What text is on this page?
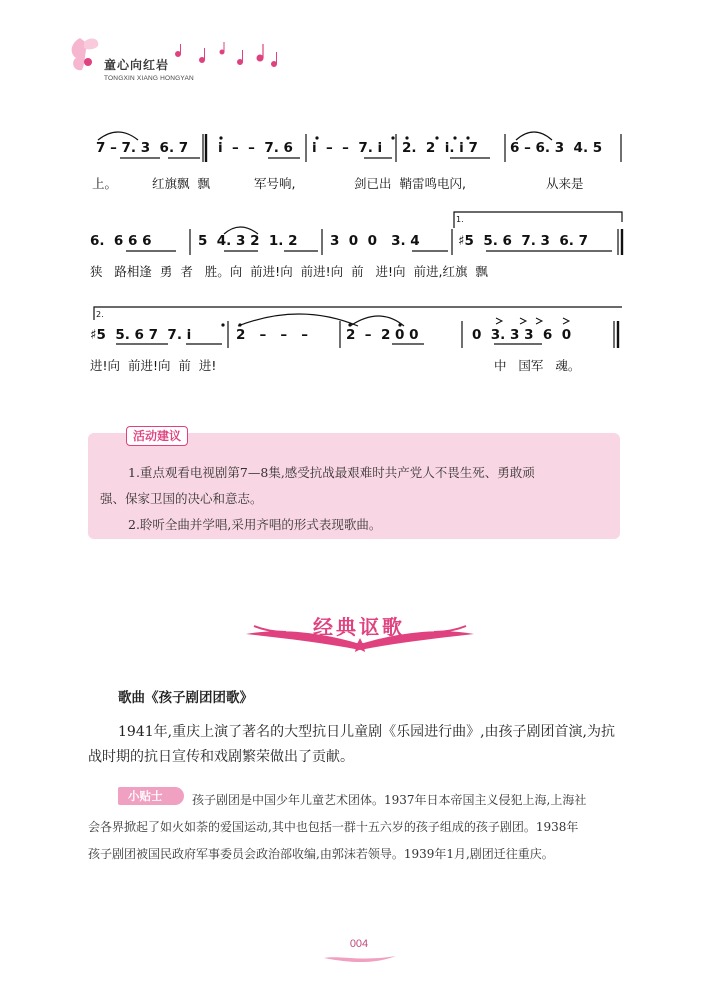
童心向红岩
TONGXIN XIANG HONGYAN
1.
2.
7 – 7. 3  6. 7 i  –  –  7. 6 i  –  –  7. i 2.  2  i. i 7 6 – 6. 3  4. 5
上。	红旗飘  飘	军号响,	剑已出  鞘雷鸣电闪,	从来是
6.  6 6 6	5  4. 3 2  1. 2 3  0  0   3. 4	♯5  5. 6  7. 3  6. 7
狭   路相逢  勇  者   胜。向  前进!向  前进!向  前   进!向  前进,红旗  飘
♯5  5. 6 7  7. i	2   –   –   –	2  –  2 0 0	0  3. 3 3  6  0
进!向  前进!向  前  进!	中   国军   魂。
活动建议
1.重点观看电视剧第7—8集,感受抗战最艰难时共产党人不畏生死、勇敢顽
强、保家卫国的决心和意志。
2.聆听全曲并学唱,采用齐唱的形式表现歌曲。
经典讴歌
歌曲《孩子剧团团歌》
1941年,重庆上演了著名的大型抗日儿童剧《乐园进行曲》,由孩子剧团首演,为抗
战时期的抗日宣传和戏剧繁荣做出了贡献。
小贴士	孩子剧团是中国少年儿童艺术团体。1937年日本帝国主义侵犯上海,上海社
会各界掀起了如火如荼的爱国运动,其中也包括一群十五六岁的孩子组成的孩子剧团。1938年
孩子剧团被国民政府军事委员会政治部收编,由郭沫若领导。1939年1月,剧团迁往重庆。
004
